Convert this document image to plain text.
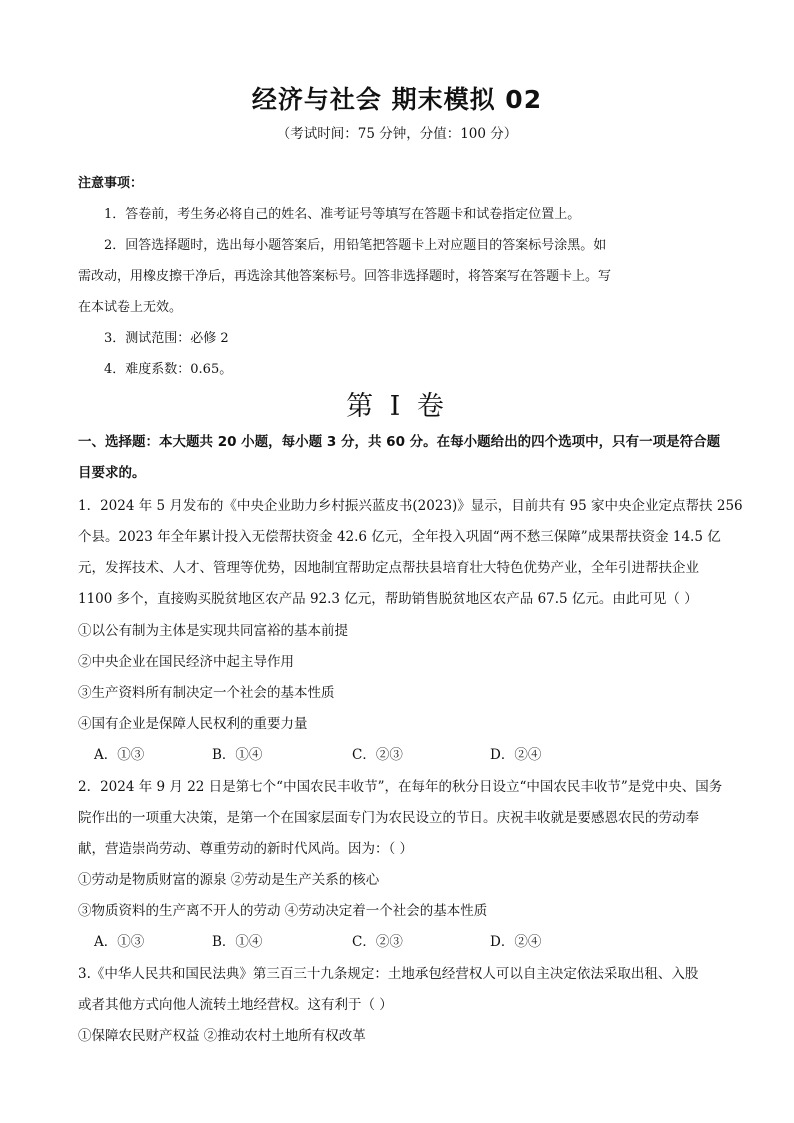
经济与社会 期末模拟 02
（考试时间：75 分钟，分值：100 分）
注意事项：
1．答卷前，考生务必将自己的姓名、准考证号等填写在答题卡和试卷指定位置上。
2．回答选择题时，选出每小题答案后，用铅笔把答题卡上对应题目的答案标号涂黑。如
需改动，用橡皮擦干净后，再选涂其他答案标号。回答非选择题时，将答案写在答题卡上。写
在本试卷上无效。
3．测试范围：必修 2
4．难度系数：0.65。
第 I 卷
一、选择题：本大题共 20 小题，每小题 3 分，共 60 分。在每小题给出的四个选项中，只有一项是符合题
目要求的。
1．2024 年 5 月发布的《中央企业助力乡村振兴蓝皮书(2023)》显示，目前共有 95 家中央企业定点帮扶 256
个县。2023 年全年累计投入无偿帮扶资金 42.6 亿元，全年投入巩固“两不愁三保障”成果帮扶资金 14.5 亿
元，发挥技术、人才、管理等优势，因地制宜帮助定点帮扶县培育壮大特色优势产业，全年引进帮扶企业
1100 多个，直接购买脱贫地区农产品 92.3 亿元，帮助销售脱贫地区农产品 67.5 亿元。由此可见（ ）
①以公有制为主体是实现共同富裕的基本前提
②中央企业在国民经济中起主导作用
③生产资料所有制决定一个社会的基本性质
④国有企业是保障人民权利的重要力量
A．①③	B．①④	C．②③	D．②④
2．2024 年 9 月 22 日是第七个“中国农民丰收节”，在每年的秋分日设立“中国农民丰收节”是党中央、国务
院作出的一项重大决策，是第一个在国家层面专门为农民设立的节日。庆祝丰收就是要感恩农民的劳动奉
献，营造崇尚劳动、尊重劳动的新时代风尚。因为：（ ）
①劳动是物质财富的源泉 ②劳动是生产关系的核心
③物质资料的生产离不开人的劳动 ④劳动决定着一个社会的基本性质
A．①③	B．①④	C．②③	D．②④
3.《中华人民共和国民法典》第三百三十九条规定：土地承包经营权人可以自主决定依法采取出租、入股
或者其他方式向他人流转土地经营权。这有利于（ ）
①保障农民财产权益 ②推动农村土地所有权改革
